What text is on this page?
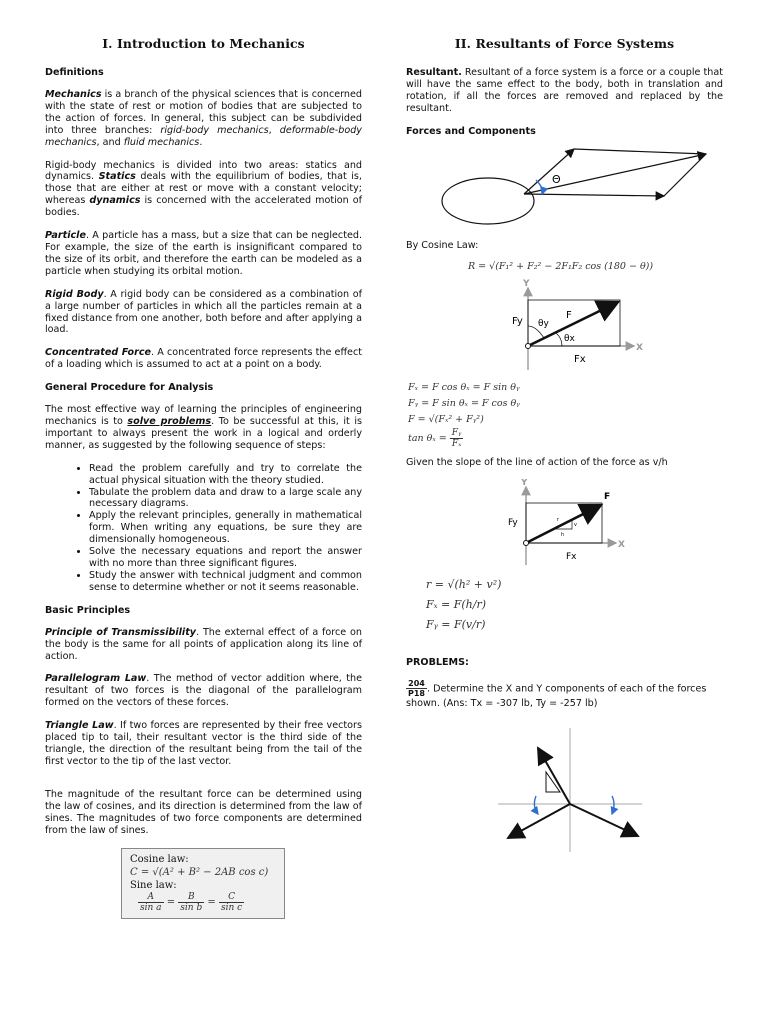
I. Introduction to Mechanics
Definitions

Mechanics is a branch of the physical sciences that is concerned with the state of rest or motion of bodies that are subjected to the action of forces. In general, this subject can be subdivided into three branches: rigid-body mechanics, deformable-body mechanics, and fluid mechanics.

Rigid-body mechanics is divided into two areas: statics and dynamics. Statics deals with the equilibrium of bodies, that is, those that are either at rest or move with a constant velocity; whereas dynamics is concerned with the accelerated motion of bodies.

Particle. A particle has a mass, but a size that can be neglected. For example, the size of the earth is insignificant compared to the size of its orbit, and therefore the earth can be modeled as a particle when studying its orbital motion.

Rigid Body. A rigid body can be considered as a combination of a large number of particles in which all the particles remain at a fixed distance from one another, both before and after applying a load.

Concentrated Force. A concentrated force represents the effect of a loading which is assumed to act at a point on a body.

General Procedure for Analysis

The most effective way of learning the principles of engineering mechanics is to solve problems. To be successful at this, it is important to always present the work in a logical and orderly manner, as suggested by the following sequence of steps:

• Read the problem carefully and try to correlate the actual physical situation with the theory studied.
• Tabulate the problem data and draw to a large scale any necessary diagrams.
• Apply the relevant principles, generally in mathematical form. When writing any equations, be sure they are dimensionally homogeneous.
• Solve the necessary equations and report the answer with no more than three significant figures.
• Study the answer with technical judgment and common sense to determine whether or not it seems reasonable.
Basic Principles

Principle of Transmissibility. The external effect of a force on the body is the same for all points of application along its line of action.

Parallelogram Law. The method of vector addition where, the resultant of two forces is the diagonal of the parallelogram formed on the vectors of these forces.

Triangle Law. If two forces are represented by their free vectors placed tip to tail, their resultant vector is the third side of the triangle, the direction of the resultant being from the tail of the first vector to the tip of the last vector.

The magnitude of the resultant force can be determined using the law of cosines, and its direction is determined from the law of sines. The magnitudes of two force components are determined from the law of sines.

Cosine law:
C = √(A² + B² − 2AB cos c)
Sine law:
$\frac{A}{\text{sin a}} = \frac{B}{\text{sin b}} = \frac{C}{\text{sin c}}$
II. Resultants of Force Systems

Resultant. Resultant of a force system is a force or a couple that will have the same effect to the body, both in translation and rotation, if all the forces are removed and replaced by the resultant.

Forces and Components
Θ

By Cosine Law:

R = √(F₁² + F₂² − 2F₁F₂ cos (180 − θ))
Y
X
Fy
F
θy
θx
Fx
Fₓ = F cos θₓ = F sin θᵧ
Fᵧ = F sin θₓ = F cos θᵧ
F = √(Fₓ² + Fᵧ²)
$\tan \theta_x = \frac{\text{Fᵧ}}{\text{Fₓ}}$

Given the slope of the line of action of the force as v/h

Y
X
Fy
F
Fx
r
v
h
r = √(h² + v²)
Fₓ = F(h/r)
Fᵧ = F(v/r)
PROBLEMS:
$\frac{204}{P18}$ . Determine the X and Y components of each of the forces shown. (Ans: Tx = -307 lb, Ty = -257 lb)
